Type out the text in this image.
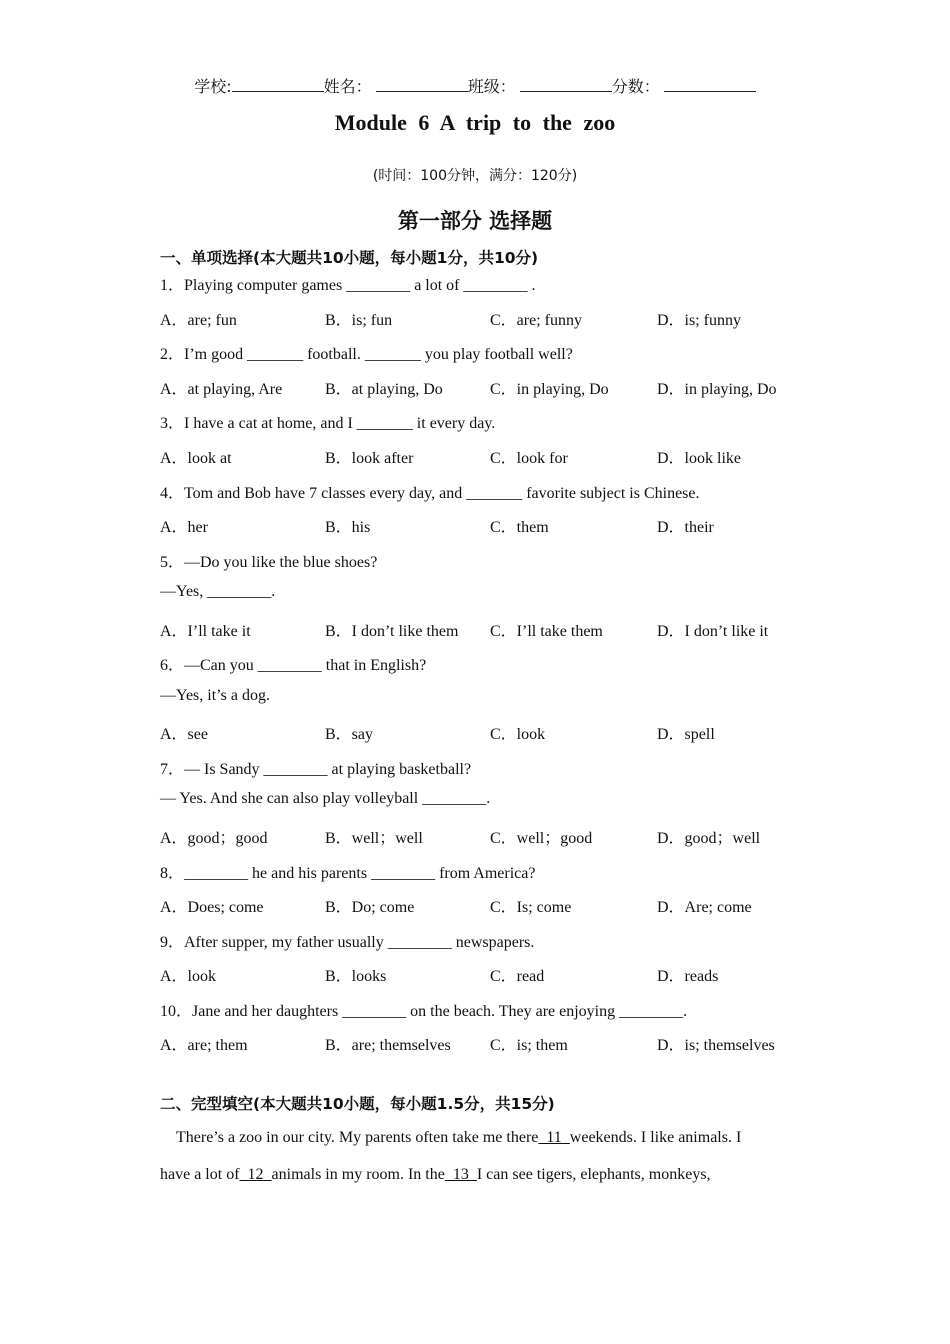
学校:	姓名：	班级：	分数：
Module 6 A trip to the zoo
(时间：100分钟，满分：120分)
第一部分 选择题
一、单项选择(本大题共10小题，每小题1分，共10分)
1．Playing computer games ________ a lot of ________ .
A．are; fun	B．is; fun	C．are; funny	D．is; funny
2．I’m good _______ football. _______ you play football well?
A．at playing, Are	B．at playing, Do	C．in playing, Do	D．in playing, Do
3．I have a cat at home, and I _______ it every day.
A．look at	B．look after	C．look for	D．look like
4．Tom and Bob have 7 classes every day, and _______ favorite subject is Chinese.
A．her	B．his	C．them	D．their
5．—Do you like the blue shoes?
—Yes, ________.
A．I’ll take it	B．I don’t like them C．I’ll take them	D．I don’t like it
6．—Can you ________ that in English?
—Yes, it’s a dog.
A．see	B．say	C．look	D．spell
7．— Is Sandy ________ at playing basketball?
— Yes. And she can also play volleyball ________.
A．good；good	B．well；well	C．well；good	D．good；well
8．________ he and his parents ________ from America?
A．Does; come	B．Do; come	C．Is; come	D．Are; come
9．After supper, my father usually ________ newspapers.
A．look	B．looks	C．read	D．reads
10．Jane and her daughters ________ on the beach. They are enjoying ________.
A．are; them	B．are; themselves C．is; them	D．is; themselves
二、完型填空(本大题共10小题，每小题1.5分，共15分)
There’s a zoo in our city. My parents often take me there  11  weekends. I like animals. I
have a lot of  12  animals in my room. In the  13  I can see tigers, elephants, monkeys,
